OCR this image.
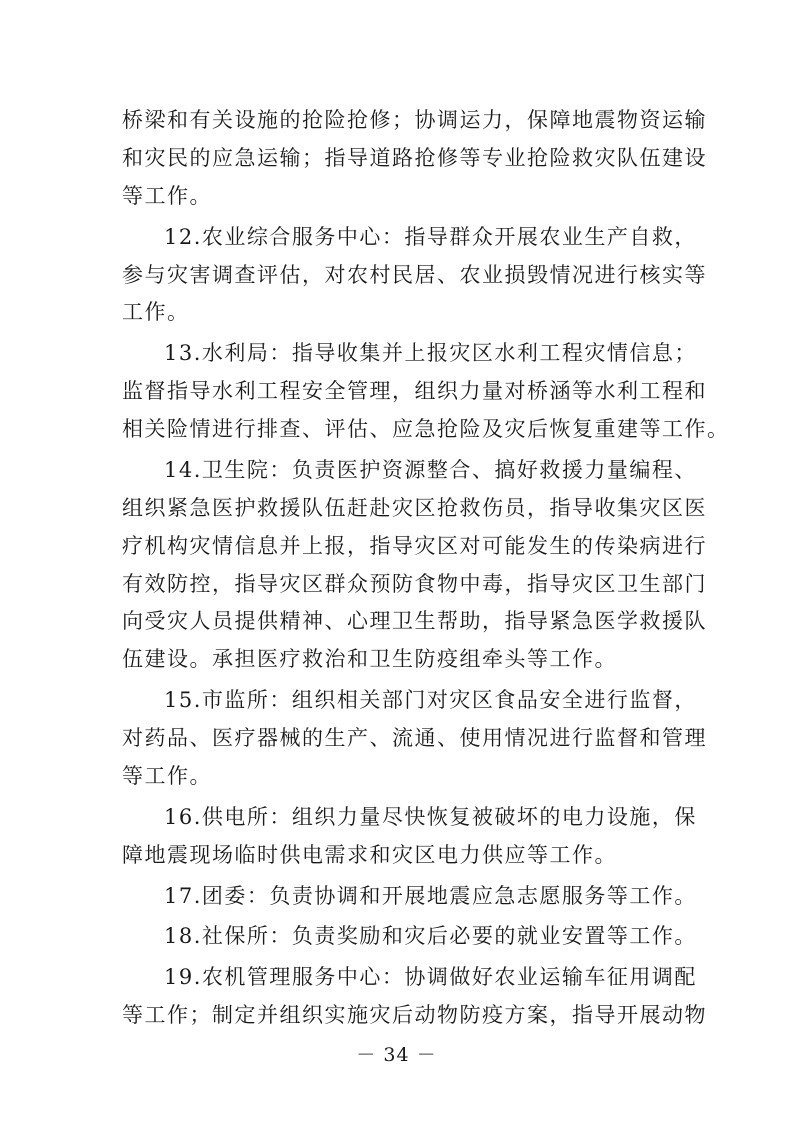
桥梁和有关设施的抢险抢修；协调运力，保障地震物资运输
和灾民的应急运输；指导道路抢修等专业抢险救灾队伍建设
等工作。
12.农业综合服务中心：指导群众开展农业生产自救，
参与灾害调查评估，对农村民居、农业损毁情况进行核实等
工作。
13.水利局：指导收集并上报灾区水利工程灾情信息；
监督指导水利工程安全管理，组织力量对桥涵等水利工程和
相关险情进行排查、评估、应急抢险及灾后恢复重建等工作。
14.卫生院：负责医护资源整合、搞好救援力量编程、
组织紧急医护救援队伍赶赴灾区抢救伤员，指导收集灾区医
疗机构灾情信息并上报，指导灾区对可能发生的传染病进行
有效防控，指导灾区群众预防食物中毒，指导灾区卫生部门
向受灾人员提供精神、心理卫生帮助，指导紧急医学救援队
伍建设。承担医疗救治和卫生防疫组牵头等工作。
15.市监所：组织相关部门对灾区食品安全进行监督，
对药品、医疗器械的生产、流通、使用情况进行监督和管理
等工作。
16.供电所：组织力量尽快恢复被破坏的电力设施，保
障地震现场临时供电需求和灾区电力供应等工作。
17.团委：负责协调和开展地震应急志愿服务等工作。
18.社保所：负责奖励和灾后必要的就业安置等工作。
19.农机管理服务中心：协调做好农业运输车征用调配
等工作；制定并组织实施灾后动物防疫方案，指导开展动物
－ 34 －
